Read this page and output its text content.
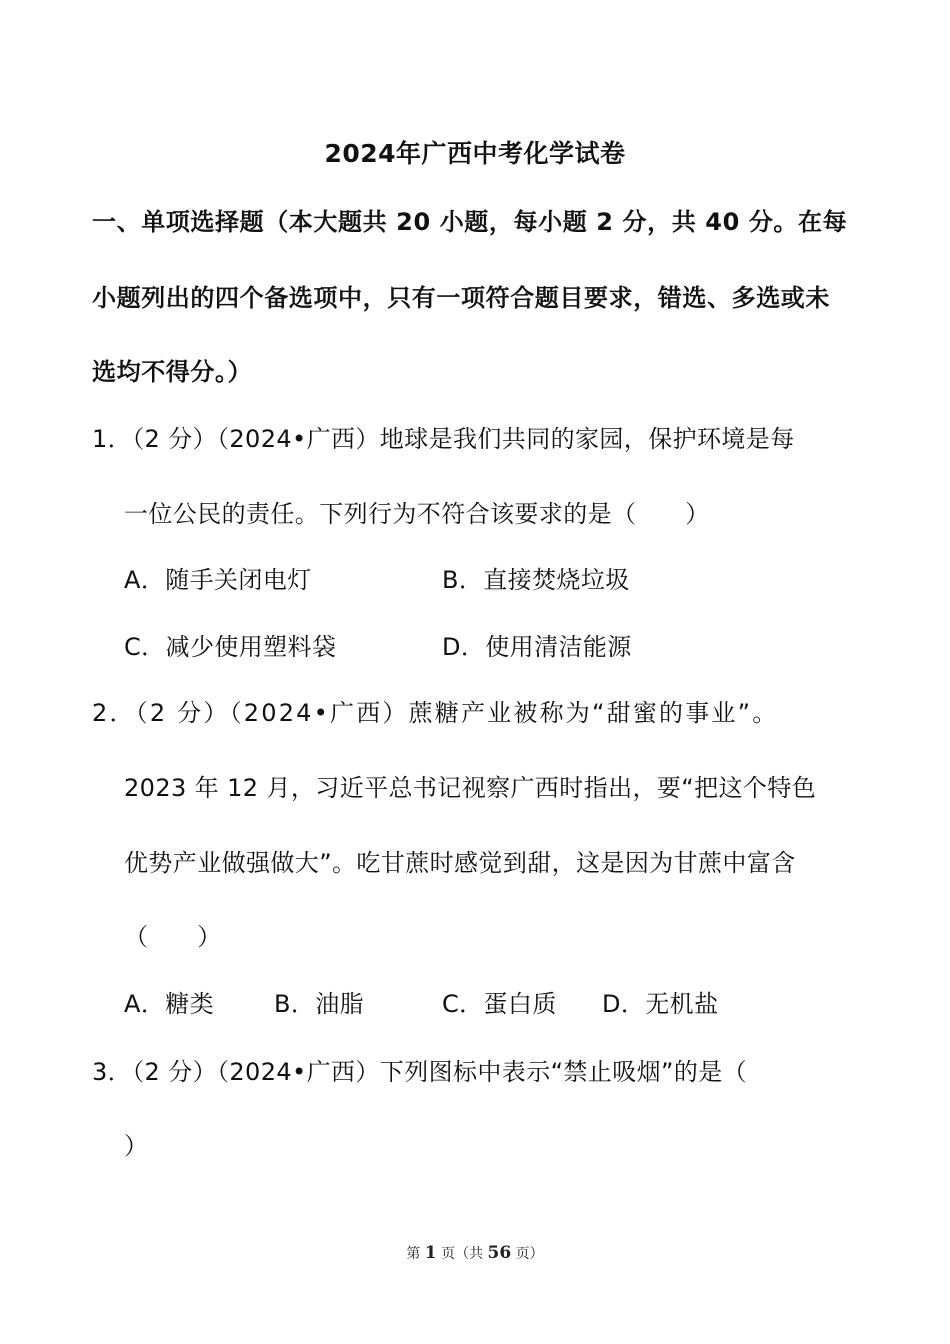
2024年广西中考化学试卷
一、单项选择题（本大题共 20 小题，每小题 2 分，共 40 分。在每
小题列出的四个备选项中，只有一项符合题目要求，错选、多选或未
选均不得分。）
1．（2 分）（2024•广西）地球是我们共同的家园，保护环境是每
一位公民的责任。下列行为不符合该要求的是（　　）
A．随手关闭电灯	B．直接焚烧垃圾
C．减少使用塑料袋	D．使用清洁能源
2．（2 分）（2024•广西）蔗糖产业被称为“甜蜜的事业”。
2023 年 12 月，习近平总书记视察广西时指出，要“把这个特色
优势产业做强做大”。吃甘蔗时感觉到甜，这是因为甘蔗中富含
（　　）
A．糖类 B．油脂	C．蛋白质 D．无机盐
3．（2 分）（2024•广西）下列图标中表示“禁止吸烟”的是（
）
第 1 页（共 56 页）
